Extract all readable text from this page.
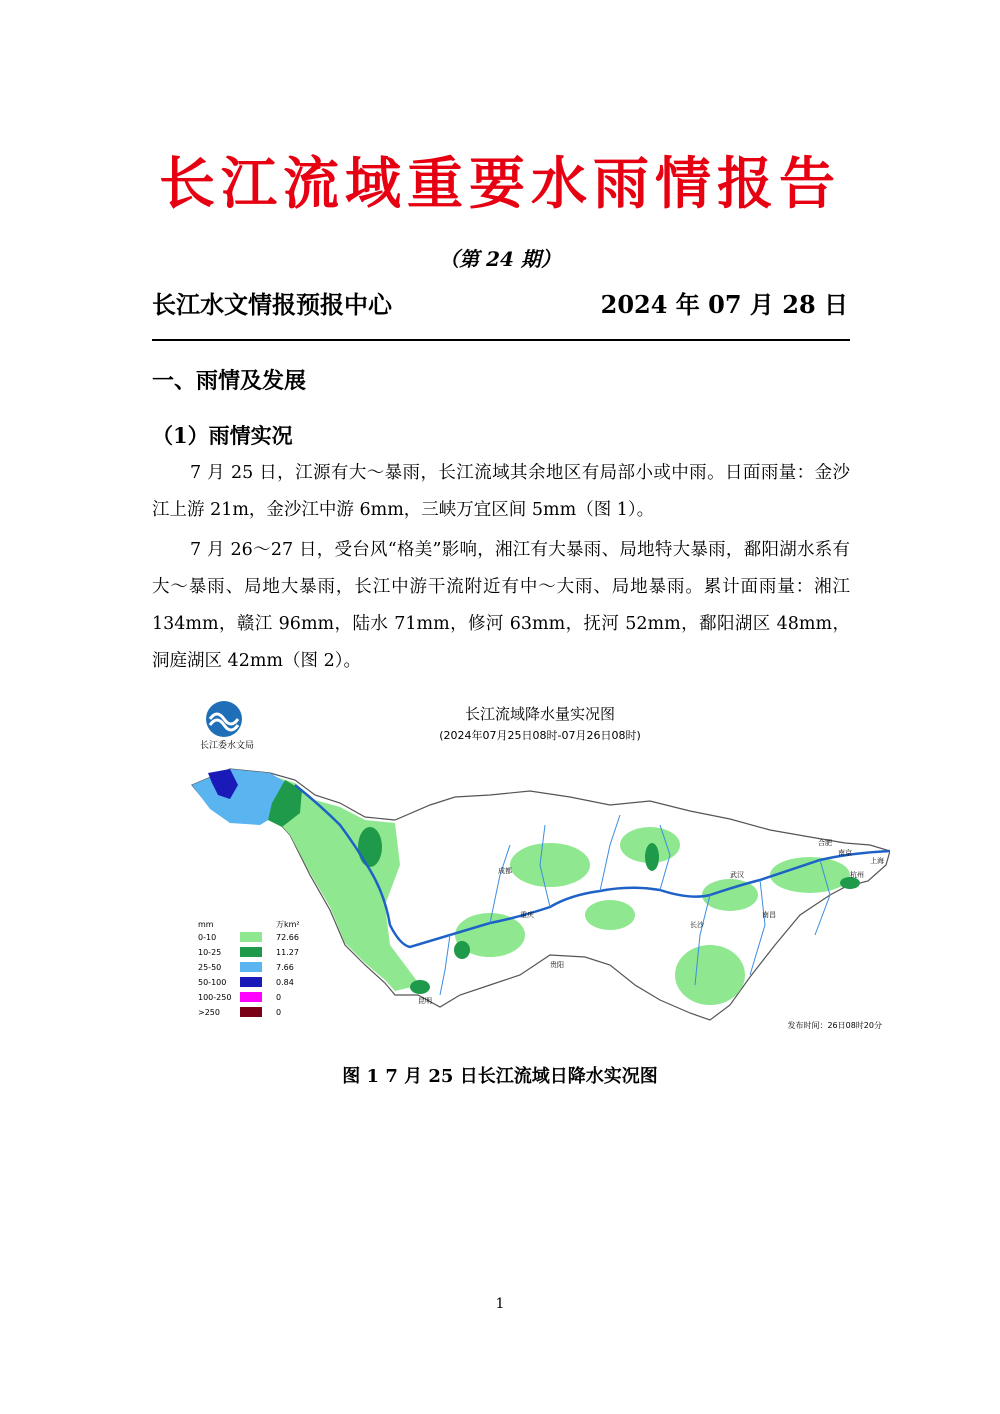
长江流域重要水雨情报告
（第 24 期）
长江水文情报预报中心	2024 年 07 月 28 日
一、雨情及发展
（1）雨情实况
7 月 25 日，江源有大～暴雨，长江流域其余地区有局部小或中雨。日面雨量：金沙江上游 21m，金沙江中游 6mm，三峡万宜区间 5mm（图 1）。
7 月 26～27 日，受台风“格美”影响，湘江有大暴雨、局地特大暴雨，鄱阳湖水系有大～暴雨、局地大暴雨，长江中游干流附近有中～大雨、局地暴雨。累计面雨量：湘江 134mm，赣江 96mm，陆水 71mm，修河 63mm，抚河 52mm，鄱阳湖区 48mm，洞庭湖区 42mm（图 2）。
长江委水文局
长江流域降水量实况图
(2024年07月25日08时-07月26日08时)
成都
重庆
长沙
武汉
合肥
南京
上海
杭州
昆明
贵阳
南昌
mm	万km²
0-10	72.66
10-25	11.27
25-50	7.66
50-100	0.84
100-250	0
>250	0
发布时间：26日08时20分
图 1 7 月 25 日长江流域日降水实况图
1
